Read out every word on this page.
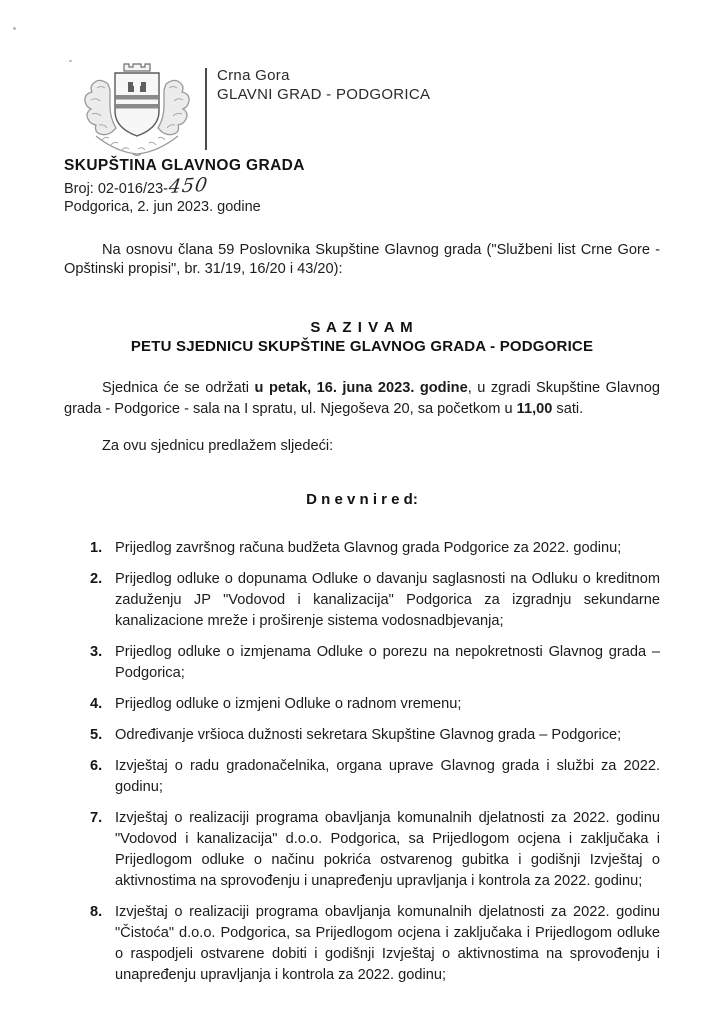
Crna Gora
GLAVNI GRAD - PODGORICA
SKUPŠTINA GLAVNOG GRADA
Broj: 02-016/23-450
Podgorica, 2. jun 2023. godine

Na osnovu člana 59 Poslovnika Skupštine Glavnog grada ("Službeni list Crne Gore - Opštinski propisi", br. 31/19, 16/20 i 43/20):

S A Z I V A M
PETU SJEDNICU SKUPŠTINE GLAVNOG GRADA - PODGORICE

Sjednica će se održati u petak, 16. juna 2023. godine, u zgradi Skupštine Glavnog grada - Podgorice - sala na I spratu, ul. Njegoševa 20, sa početkom u 11,00 sati.

Za ovu sjednicu predlažem sljedeći:

D n e v n i r e d:
1. Prijedlog završnog računa budžeta Glavnog grada Podgorice za 2022. godinu;
2. Prijedlog odluke o dopunama Odluke o davanju saglasnosti na Odluku o kreditnom zaduženju JP "Vodovod i kanalizacija" Podgorica za izgradnju sekundarne kanalizacione mreže i proširenje sistema vodosnadbjevanja;
3. Prijedlog odluke o izmjenama Odluke o porezu na nepokretnosti Glavnog grada – Podgorica;
4. Prijedlog odluke o izmjeni Odluke o radnom vremenu;
5. Određivanje vršioca dužnosti sekretara Skupštine Glavnog grada – Podgorice;
6. Izvještaj o radu gradonačelnika, organa uprave Glavnog grada i službi za 2022. godinu;
7. Izvještaj o realizaciji programa obavljanja komunalnih djelatnosti za 2022. godinu "Vodovod i kanalizacija" d.o.o. Podgorica, sa Prijedlogom ocjena i zaključaka i Prijedlogom odluke o načinu pokrića ostvarenog gubitka i godišnji Izvještaj o aktivnostima na sprovođenju i unapređenju upravljanja i kontrola za 2022. godinu;
8. Izvještaj o realizaciji programa obavljanja komunalnih djelatnosti za 2022. godinu "Čistoća" d.o.o. Podgorica, sa Prijedlogom ocjena i zaključaka i Prijedlogom odluke o raspodjeli ostvarene dobiti i godišnji Izvještaj o aktivnostima na sprovođenju i unapređenju upravljanja i kontrola za 2022. godinu;
